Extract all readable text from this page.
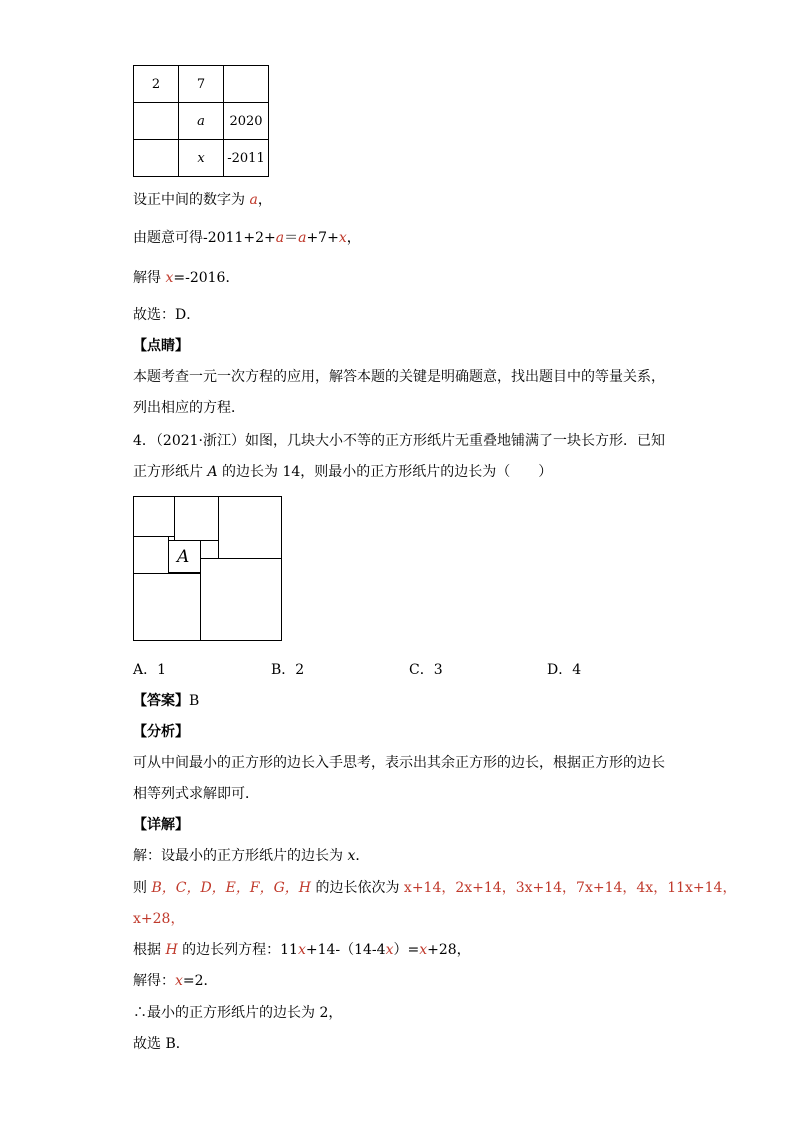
2	7	
	a	2020
	x	-2011
设正中间的数字为 a，
由题意可得-2011+2+a＝a+7+x，
解得 x=-2016．
故选：D．
【点睛】
本题考查一元一次方程的应用，解答本题的关键是明确题意，找出题目中的等量关系，
列出相应的方程．
4．（2021·浙江）如图，几块大小不等的正方形纸片无重叠地铺满了一块长方形．已知
正方形纸片 A 的边长为 14，则最小的正方形纸片的边长为（　　）
A
A．1	B．2	C．3	D．4
【答案】B
【分析】
可从中间最小的正方形的边长入手思考，表示出其余正方形的边长，根据正方形的边长
相等列式求解即可．
【详解】
解：设最小的正方形纸片的边长为 x．
则 B，C，D，E，F，G，H 的边长依次为 x+14，2x+14，3x+14，7x+14，4x，11x+14，
x+28，
根据 H 的边长列方程：11x+14-（14-4x）=x+28，
解得：x=2．
∴最小的正方形纸片的边长为 2，
故选 B．
